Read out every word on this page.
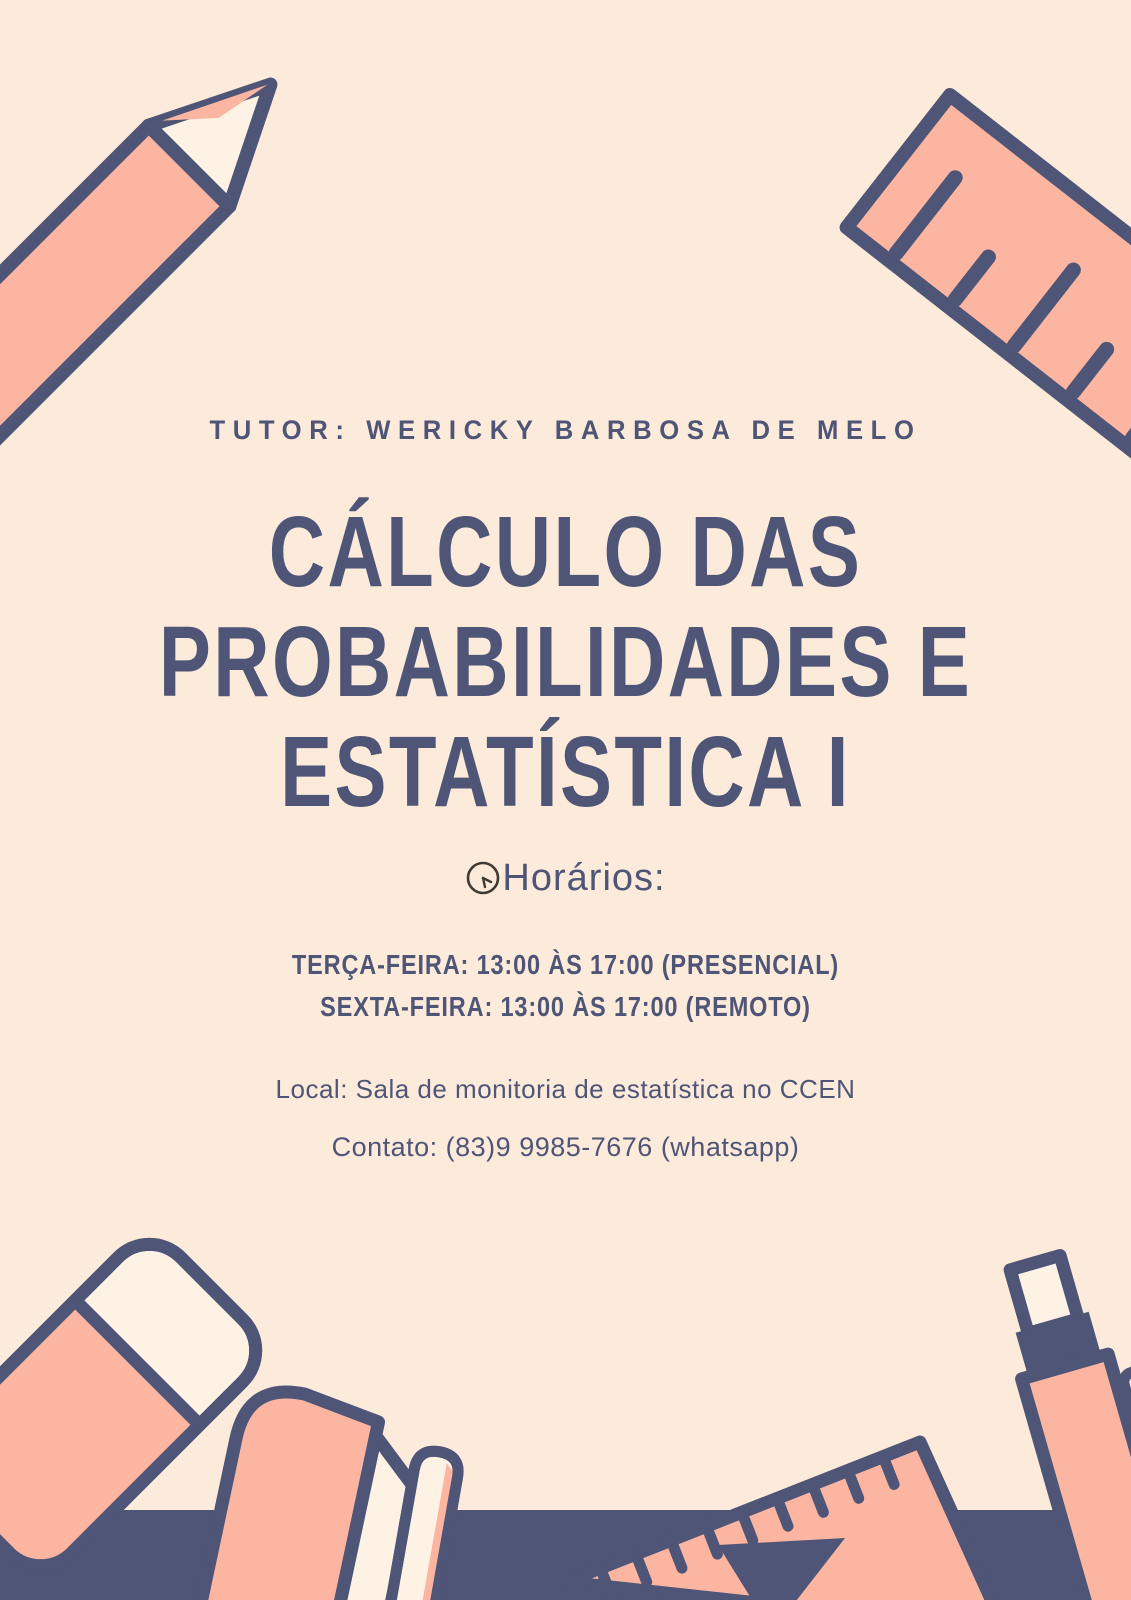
TUTOR: WERICKY BARBOSA DE MELO
CÁLCULO DAS
PROBABILIDADES E
ESTATÍSTICA I
Horários:
TERÇA-FEIRA: 13:00 ÀS 17:00 (PRESENCIAL)
SEXTA-FEIRA: 13:00 ÀS 17:00 (REMOTO)
Local: Sala de monitoria de estatística no CCEN
Contato: (83)9 9985-7676 (whatsapp)
